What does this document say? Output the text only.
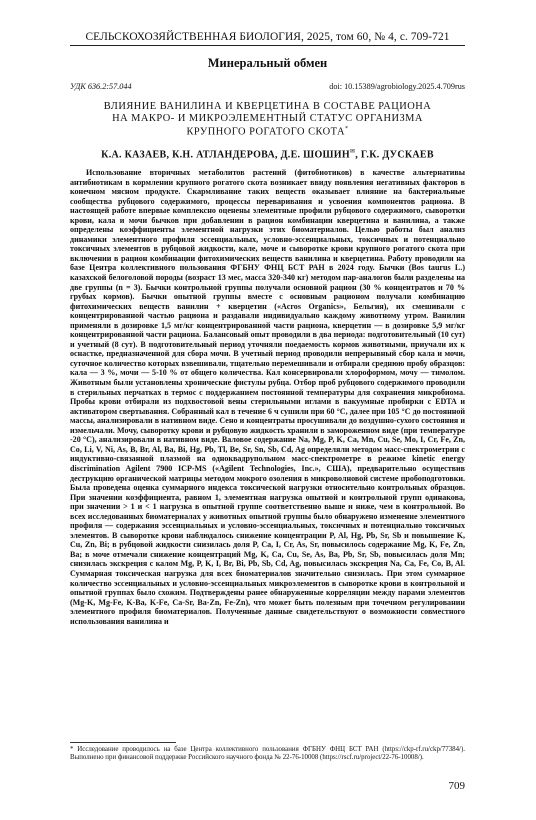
СЕЛЬСКОХОЗЯЙСТВЕННАЯ БИОЛОГИЯ, 2025, том 60, № 4, с. 709-721
Минеральный обмен
УДК 636.2:57.044	doi: 10.15389/agrobiology.2025.4.709rus
ВЛИЯНИЕ ВАНИЛИНА И КВЕРЦЕТИНА В СОСТАВЕ РАЦИОНА
НА МАКРО- И МИКРОЭЛЕМЕНТНЫЙ СТАТУС ОРГАНИЗМА
КРУПНОГО РОГАТОГО СКОТА*
К.А. КАЗАЕВ, К.Н. АТЛАНДЕРОВА, Д.Е. ШОШИН✉, Г.К. ДУСКАЕВ

Использование вторичных метаболитов растений (фитобиотиков) в качестве альтернативы антибиотикам в кормлении крупного рогатого скота возникает ввиду появления негативных факторов в конечном мясном продукте. Скармливание таких веществ оказывает влияние на бактериальные сообщества рубцового содержимого, процессы переваривания и усвоения компонентов рациона. В настоящей работе впервые комплексно оценены элементные профили рубцового содержимого, сыворотки крови, кала и мочи бычков при добавлении в рацион комбинации кверцетина и ванилина, а также определены коэффициенты элементной нагрузки этих биоматериалов. Целью работы был анализ динамики элементного профиля эссенциальных, условно-эссенциальных, токсичных и потенциально токсичных элементов в рубцовой жидкости, кале, моче и сыворотке крови крупного рогатого скота при включении в рацион комбинации фитохимических веществ ванилина и кверцетина. Работу проводили на базе Центра коллективного пользования ФГБНУ ФНЦ БСТ РАН в 2024 году. Бычки (Bos taurus L.) казахской белоголовой породы (возраст 13 мес, масса 320-340 кг) методом пар-аналогов были разделены на две группы (n = 3). Бычки контрольной группы получали основной рацион (30 % концентратов и 70 % грубых кормов). Бычки опытной группы вместе с основным рационом получали комбинацию фитохимических веществ ванилин + кверцетин («Acros Organics», Бельгия), их смешивали с концентрированной частью рациона и раздавали индивидуально каждому животному утром. Ванилин применяли в дозировке 1,5 мг/кг концентрированной части рациона, кверцетин — в дозировке 5,9 мг/кг концентрированной части рациона. Балансовый опыт проводили в два периода: подготовительный (10 сут) и учетный (8 сут). В подготовительный период уточняли поедаемость кормов животными, приучали их к оснастке, предназначенной для сбора мочи. В учетный период проводили непрерывный сбор кала и мочи, суточное количество которых взвешивали, тщательно перемешивали и отбирали среднюю пробу образцов: кала — 3 %, мочи — 5-10 % от общего количества. Кал консервировали хлороформом, мочу — тимолом. Животным были установлены хронические фистулы рубца. Отбор проб рубцового содержимого проводили в стерильных перчатках в термос с поддержанием постоянной температуры для сохранения микробиома. Пробы крови отбирали из подхвостовой вены стерильными иглами в вакуумные пробирки с EDTA и активатором свертывания. Собранный кал в течение 6 ч сушили при 60 °С, далее при 105 °С до постоянной массы, анализировали в нативном виде. Сено и концентраты просушивали до воздушно-сухого состояния и измельчали. Мочу, сыворотку крови и рубцовую жидкость хранили в замороженном виде (при температуре -20 °С), анализировали в нативном виде. Валовое содержание Na, Mg, P, K, Ca, Mn, Cu, Se, Mo, I, Cr, Fe, Zn, Co, Li, V, Ni, As, B, Br, Al, Ba, Bi, Hg, Pb, Tl, Be, Sr, Sn, Sb, Cd, Ag определяли методом масс-спектрометрии с индуктивно-связанной плазмой на одноквадрупольном масс-спектрометре в режиме kinetic energy discrimination Agilent 7900 ICP-MS («Agilent Technologies, Inc.», США), предварительно осуществив деструкцию органической матрицы методом мокрого озоления в микроволновой системе пробоподготовки. Была проведена оценка суммарного индекса токсической нагрузки относительно контрольных образцов. При значении коэффициента, равном 1, элементная нагрузка опытной и контрольной групп одинакова, при значении > 1 и < 1 нагрузка в опытной группе соответственно выше и ниже, чем в контрольной. Во всех исследованных биоматериалах у животных опытной группы было обнаружено изменение элементного профиля — содержания эссенциальных и условно-эссенциальных, токсичных и потенциально токсичных элементов. В сыворотке крови наблюдалось снижение концентрации P, Al, Hg, Pb, Sr, Sb и повышение K, Cu, Zn, Bi; в рубцовой жидкости снизилась доля P, Ca, I, Cr, As, Sr, повысилось содержание Mg, K, Fe, Zn, Ba; в моче отмечали снижение концентраций Mg, K, Ca, Cu, Se, As, Ba, Pb, Sr, Sb, повысилась доля Mn; снизилась экскреция с калом Mg, P, K, I, Br, Bi, Pb, Sb, Cd, Ag, повысилась экскреция Na, Ca, Fe, Co, B, Al. Суммарная токсическая нагрузка для всех биоматериалов значительно снизилась. При этом суммарное количество эссенциальных и условно-эссенциальных микроэлементов в сыворотке крови в контрольной и опытной группах было схожим. Подтверждены ранее обнаруженные корреляции между парами элементов (Mg-K, Mg-Fe, K-Ba, K-Fe, Ca-Sr, Ba-Zn, Fe-Zn), что может быть полезным при точечном регулировании элементного профиля биоматериалов. Полученные данные свидетельствуют о возможности совместного использования ванилина и

* Исследование проводилось на базе Центра коллективного пользования ФГБНУ ФНЦ БСТ РАН (https://ckp-rf.ru/ckp/77384/). Выполнено при финансовой поддержке Российского научного фонда № 22-76-10008 (https://rscf.ru/project/22-76-10008/).

709
